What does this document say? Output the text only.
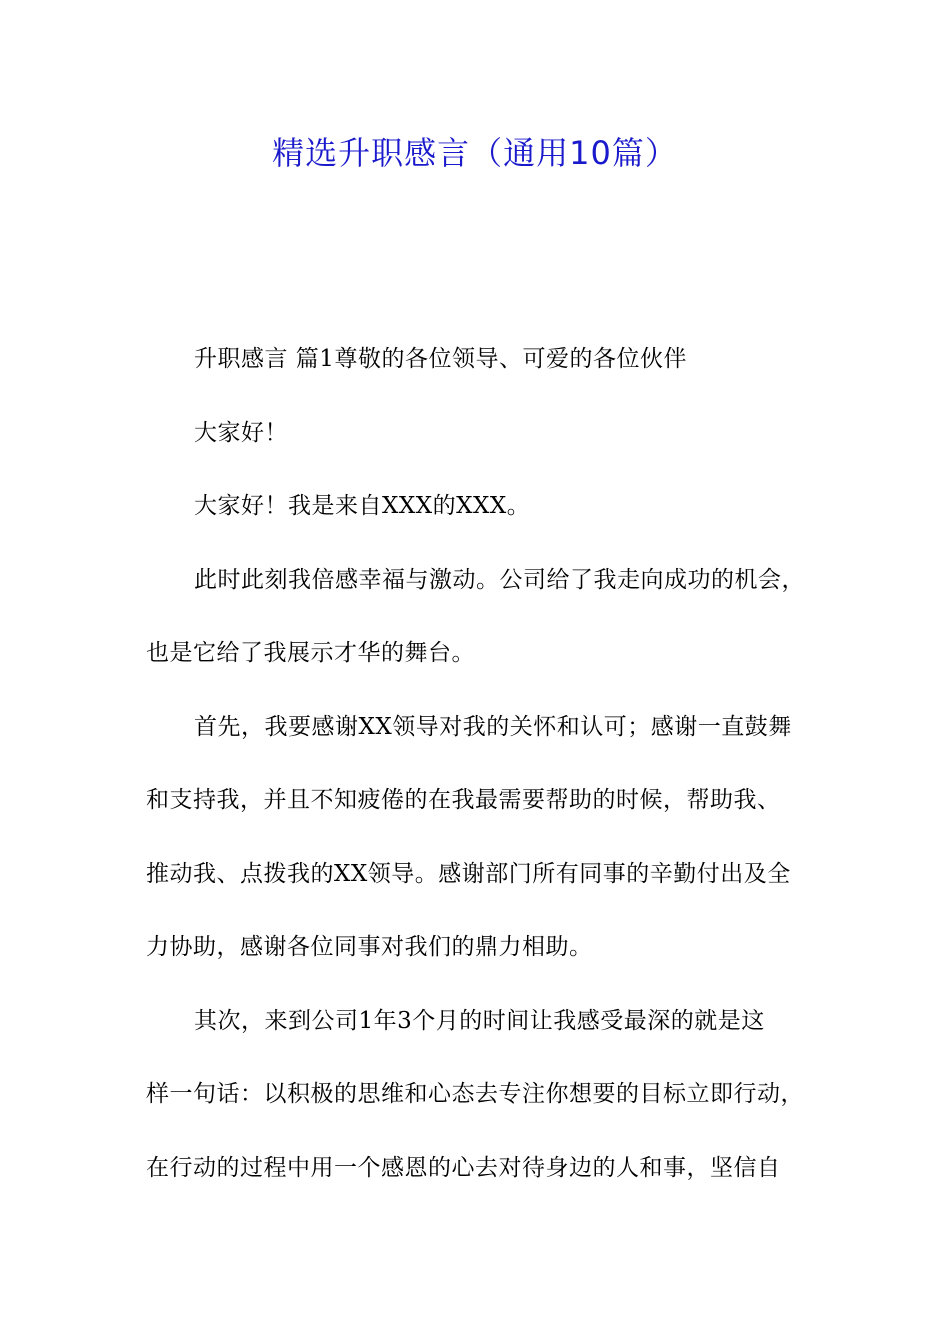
精选升职感言（通用10篇）
升职感言 篇1尊敬的各位领导、可爱的各位伙伴
大家好！
大家好！我是来自XXX的XXX。
此时此刻我倍感幸福与激动。公司给了我走向成功的机会，
也是它给了我展示才华的舞台。
首先，我要感谢XX领导对我的关怀和认可；感谢一直鼓舞
和支持我，并且不知疲倦的在我最需要帮助的时候，帮助我、
推动我、点拨我的XX领导。感谢部门所有同事的辛勤付出及全
力协助，感谢各位同事对我们的鼎力相助。
其次，来到公司1年3个月的时间让我感受最深的就是这
样一句话：以积极的思维和心态去专注你想要的目标立即行动，
在行动的过程中用一个感恩的心去对待身边的人和事，坚信自
